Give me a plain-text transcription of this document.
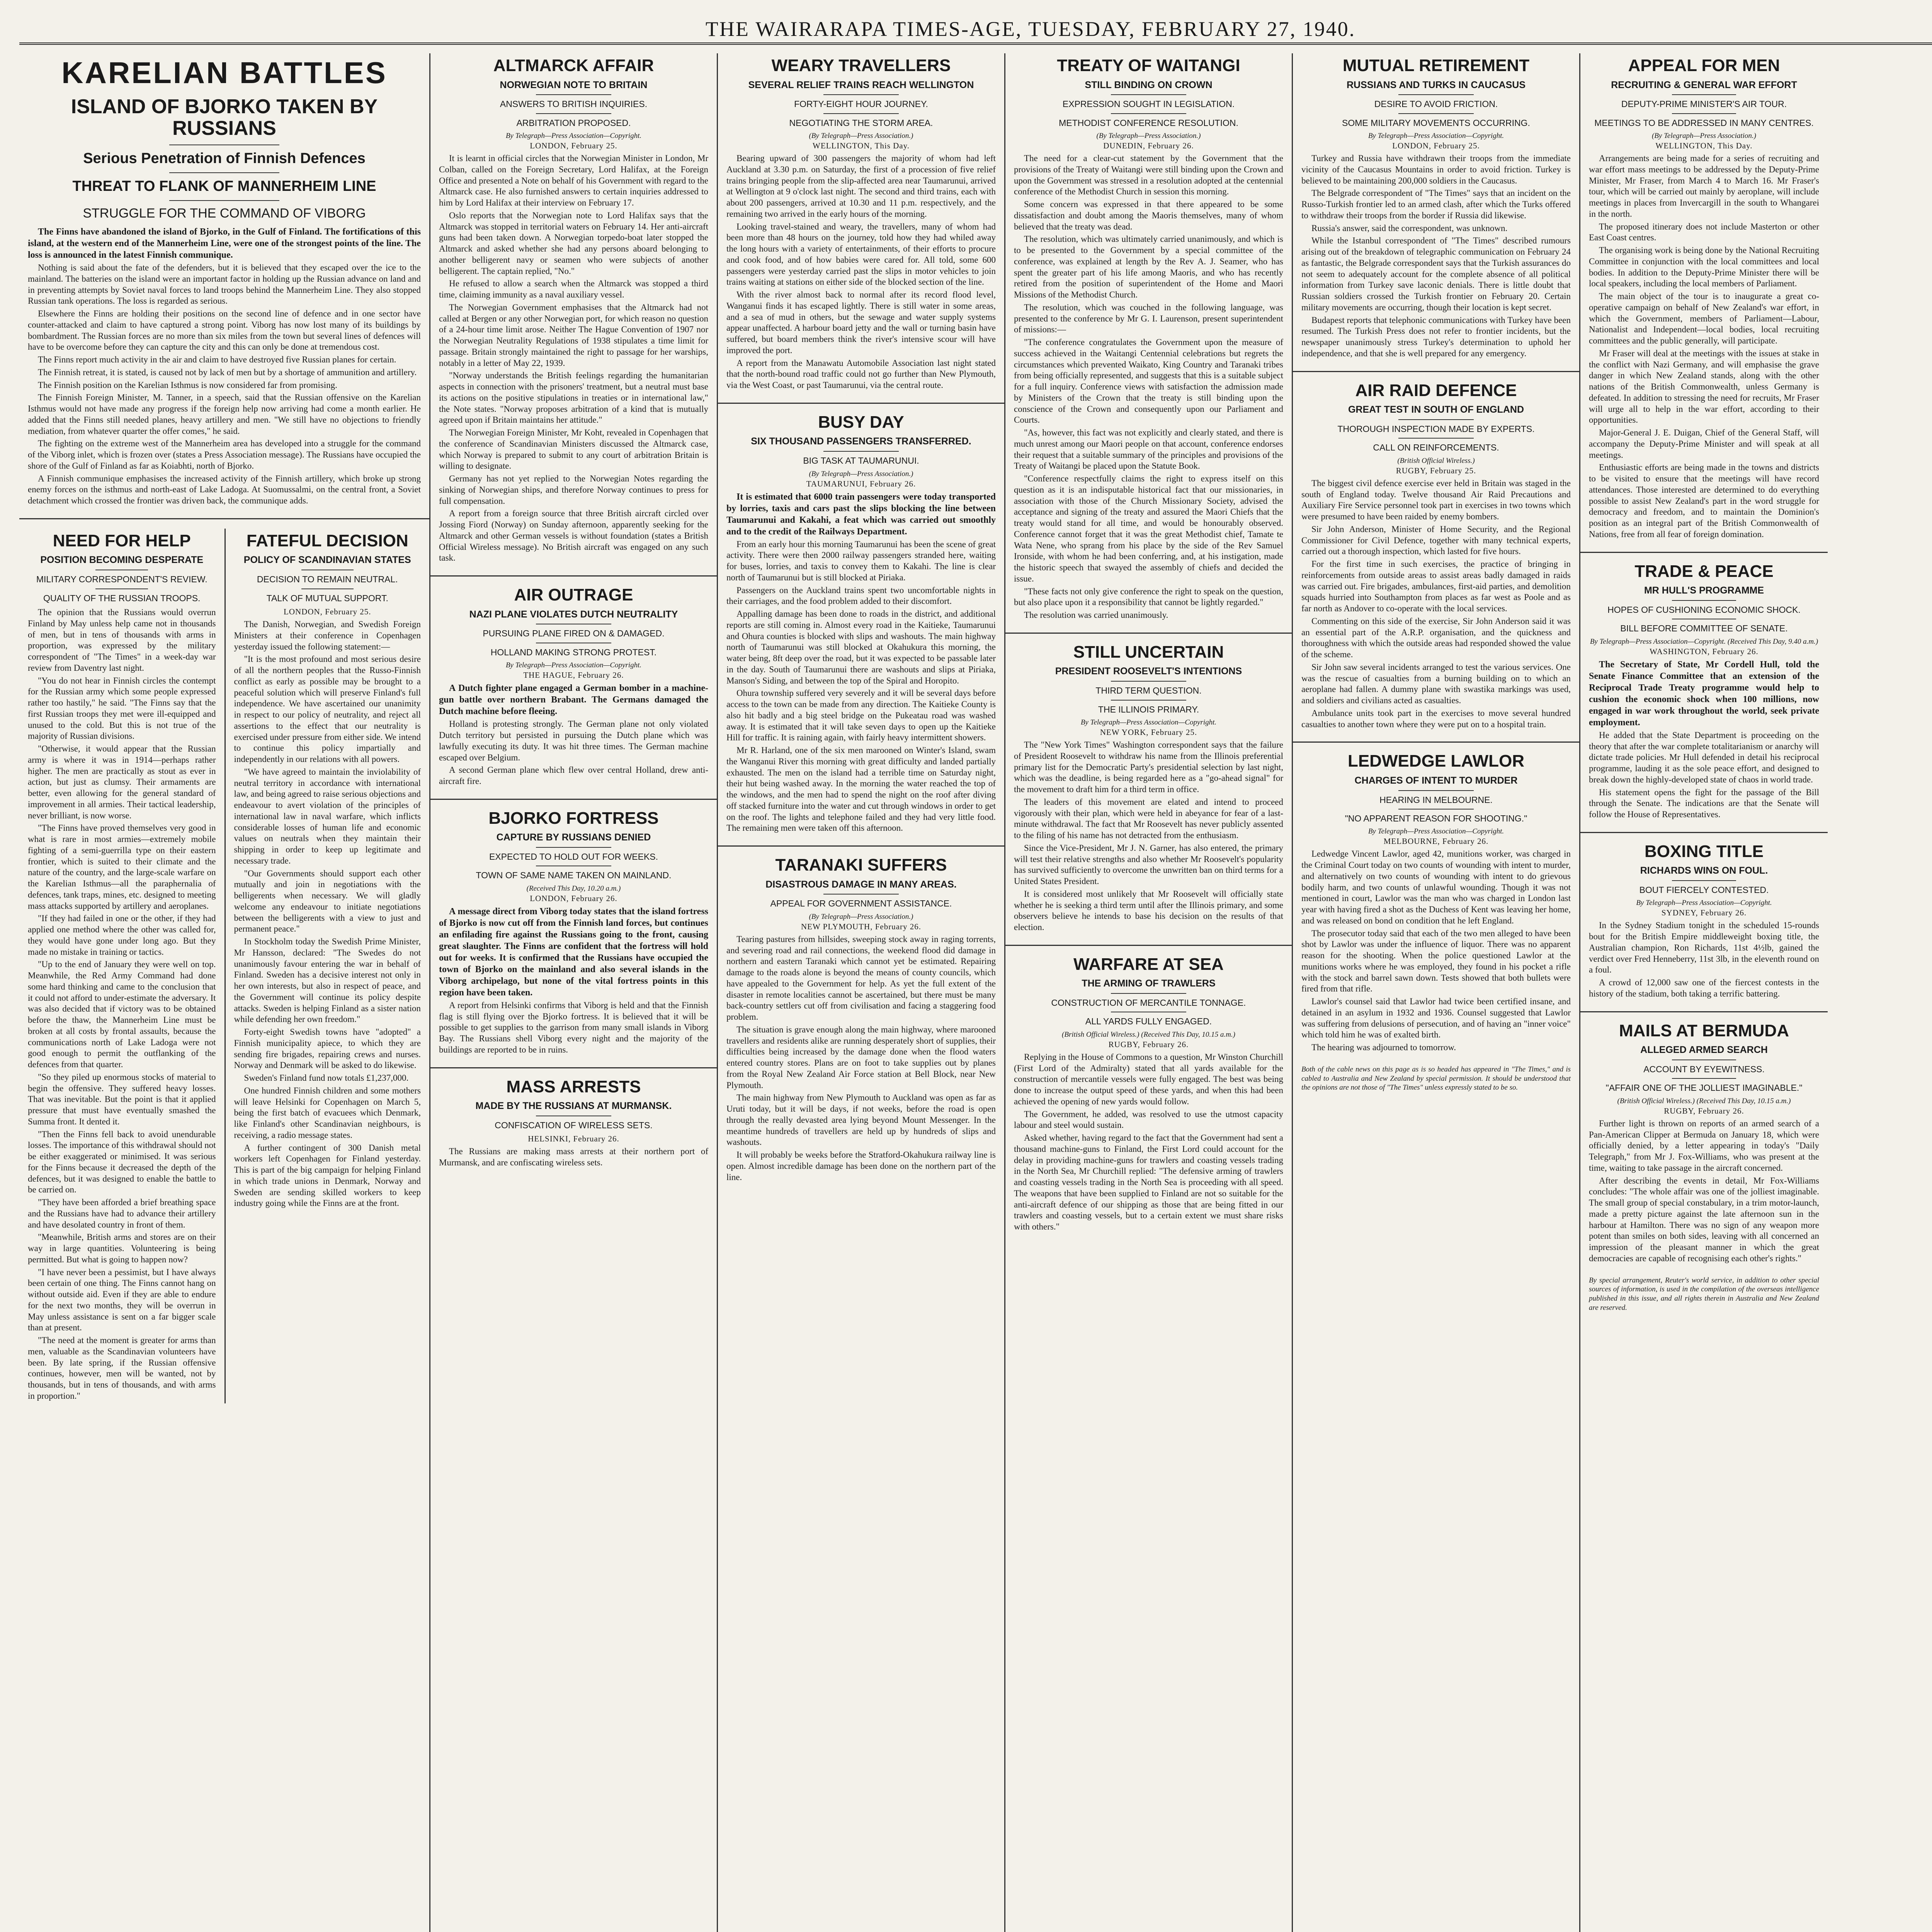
THE WAIRARAPA TIMES-AGE, TUESDAY, FEBRUARY 27, 1940.
KARELIAN BATTLES
ISLAND OF BJORKO TAKEN BY RUSSIANS
Serious Penetration of Finnish Defences
THREAT TO FLANK OF MANNERHEIM LINE
STRUGGLE FOR THE COMMAND OF VIBORG

The Finns have abandoned the island of Bjorko, in the Gulf of Finland. The fortifications of this island, at the western end of the Mannerheim Line, were one of the strongest points of the line. The loss is announced in the latest Finnish communique.

Nothing is said about the fate of the defenders, but it is believed that they escaped over the ice to the mainland. The batteries on the island were an important factor in holding up the Russian advance on land and in preventing attempts by Soviet naval forces to land troops behind the Mannerheim Line. They also stopped Russian tank operations. The loss is regarded as serious.

Elsewhere the Finns are holding their positions on the second line of defence and in one sector have counter-attacked and claim to have captured a strong point. Viborg has now lost many of its buildings by bombardment. The Russian forces are no more than six miles from the town but several lines of defences will have to be overcome before they can capture the city and this can only be done at tremendous cost.

The Finns report much activity in the air and claim to have destroyed five Russian planes for certain.

The Finnish retreat, it is stated, is caused not by lack of men but by a shortage of ammunition and artillery.

The Finnish position on the Karelian Isthmus is now considered far from promising.

The Finnish Foreign Minister, M. Tanner, in a speech, said that the Russian offensive on the Karelian Isthmus would not have made any progress if the foreign help now arriving had come a month earlier. He added that the Finns still needed planes, heavy artillery and men. "We still have no objections to friendly mediation, from whatever quarter the offer comes," he said.

The fighting on the extreme west of the Mannerheim area has developed into a struggle for the command of the Viborg inlet, which is frozen over (states a Press Association message). The Russians have occupied the shore of the Gulf of Finland as far as Koiabhti, north of Bjorko.

A Finnish communique emphasises the increased activity of the Finnish artillery, which broke up strong enemy forces on the isthmus and north-east of Lake Ladoga. At Suomussalmi, on the central front, a Soviet detachment which crossed the frontier was driven back, the communique adds.

NEED FOR HELP
POSITION BECOMING DESPERATE
MILITARY CORRESPONDENT'S REVIEW.
QUALITY OF THE RUSSIAN TROOPS.

The opinion that the Russians would overrun Finland by May unless help came not in thousands of men, but in tens of thousands with arms in proportion, was expressed by the military correspondent of "The Times" in a week-day war review from Daventry last night.

"You do not hear in Finnish circles the contempt for the Russian army which some people expressed rather too hastily," he said. "The Finns say that the first Russian troops they met were ill-equipped and unused to the cold. But this is not true of the majority of Russian divisions.

"Otherwise, it would appear that the Russian army is where it was in 1914—perhaps rather higher. The men are practically as stout as ever in action, but just as clumsy. Their armaments are better, even allowing for the general standard of improvement in all armies. Their tactical leadership, never brilliant, is now worse.

"The Finns have proved themselves very good in what is rare in most armies—extremely mobile fighting of a semi-guerrilla type on their eastern frontier, which is suited to their climate and the nature of the country, and the large-scale warfare on the Karelian Isthmus—all the paraphernalia of defences, tank traps, mines, etc. designed to meeting mass attacks supported by artillery and aeroplanes.

"If they had failed in one or the other, if they had applied one method where the other was called for, they would have gone under long ago. But they made no mistake in training or tactics.

"Up to the end of January they were well on top. Meanwhile, the Red Army Command had done some hard thinking and came to the conclusion that it could not afford to under-estimate the adversary. It was also decided that if victory was to be obtained before the thaw, the Mannerheim Line must be broken at all costs by frontal assaults, because the communications north of Lake Ladoga were not good enough to permit the outflanking of the defences from that quarter.

"So they piled up enormous stocks of material to begin the offensive. They suffered heavy losses. That was inevitable. But the point is that it applied pressure that must have eventually smashed the Summa front. It dented it.

"Then the Finns fell back to avoid unendurable losses. The importance of this withdrawal should not be either exaggerated or minimised. It was serious for the Finns because it decreased the depth of the defences, but it was designed to enable the battle to be carried on.

"They have been afforded a brief breathing space and the Russians have had to advance their artillery and have desolated country in front of them.

"Meanwhile, British arms and stores are on their way in large quantities. Volunteering is being permitted. But what is going to happen now?

"I have never been a pessimist, but I have always been certain of one thing. The Finns cannot hang on without outside aid. Even if they are able to endure for the next two months, they will be overrun in May unless assistance is sent on a far bigger scale than at present.

"The need at the moment is greater for arms than men, valuable as the Scandinavian volunteers have been. By late spring, if the Russian offensive continues, however, men will be wanted, not by thousands, but in tens of thousands, and with arms in proportion."

FATEFUL DECISION
POLICY OF SCANDINAVIAN STATES
DECISION TO REMAIN NEUTRAL.
TALK OF MUTUAL SUPPORT.
LONDON, February 25.

The Danish, Norwegian, and Swedish Foreign Ministers at their conference in Copenhagen yesterday issued the following statement:—

"It is the most profound and most serious desire of all the northern peoples that the Russo-Finnish conflict as early as possible may be brought to a peaceful solution which will preserve Finland's full independence. We have ascertained our unanimity in respect to our policy of neutrality, and reject all assertions to the effect that our neutrality is exercised under pressure from either side. We intend to continue this policy impartially and independently in our relations with all powers.

"We have agreed to maintain the inviolability of neutral territory in accordance with international law, and being agreed to raise serious objections and endeavour to avert violation of the principles of international law in naval warfare, which inflicts considerable losses of human life and economic values on neutrals when they maintain their shipping in order to keep up legitimate and necessary trade.

"Our Governments should support each other mutually and join in negotiations with the belligerents when necessary. We will gladly welcome any endeavour to initiate negotiations between the belligerents with a view to just and permanent peace."

In Stockholm today the Swedish Prime Minister, Mr Hansson, declared: "The Swedes do not unanimously favour entering the war in behalf of Finland. Sweden has a decisive interest not only in her own interests, but also in respect of peace, and the Government will continue its policy despite attacks. Sweden is helping Finland as a sister nation while defending her own freedom."

Forty-eight Swedish towns have "adopted" a Finnish municipality apiece, to which they are sending fire brigades, repairing crews and nurses. Norway and Denmark will be asked to do likewise.

Sweden's Finland fund now totals £1,237,000.

One hundred Finnish children and some mothers will leave Helsinki for Copenhagen on March 5, being the first batch of evacuees which Denmark, like Finland's other Scandinavian neighbours, is receiving, a radio message states.

A further contingent of 300 Danish metal workers left Copenhagen for Finland yesterday. This is part of the big campaign for helping Finland in which trade unions in Denmark, Norway and Sweden are sending skilled workers to keep industry going while the Finns are at the front.

ALTMARCK AFFAIR
NORWEGIAN NOTE TO BRITAIN
ANSWERS TO BRITISH INQUIRIES.
ARBITRATION PROPOSED.
By Telegraph—Press Association—Copyright.
LONDON, February 25.

It is learnt in official circles that the Norwegian Minister in London, Mr Colban, called on the Foreign Secretary, Lord Halifax, at the Foreign Office and presented a Note on behalf of his Government with regard to the Altmarck case. He also furnished answers to certain inquiries addressed to him by Lord Halifax at their interview on February 17.

Oslo reports that the Norwegian note to Lord Halifax says that the Altmarck was stopped in territorial waters on February 14. Her anti-aircraft guns had been taken down. A Norwegian torpedo-boat later stopped the Altmarck and asked whether she had any persons aboard belonging to another belligerent navy or seamen who were subjects of another belligerent. The captain replied, "No."

He refused to allow a search when the Altmarck was stopped a third time, claiming immunity as a naval auxiliary vessel.

The Norwegian Government emphasises that the Altmarck had not called at Bergen or any other Norwegian port, for which reason no question of a 24-hour time limit arose. Neither The Hague Convention of 1907 nor the Norwegian Neutrality Regulations of 1938 stipulates a time limit for passage. Britain strongly maintained the right to passage for her warships, notably in a letter of May 22, 1939.

"Norway understands the British feelings regarding the humanitarian aspects in connection with the prisoners' treatment, but a neutral must base its actions on the positive stipulations in treaties or in international law," the Note states. "Norway proposes arbitration of a kind that is mutually agreed upon if Britain maintains her attitude."

The Norwegian Foreign Minister, Mr Koht, revealed in Copenhagen that the conference of Scandinavian Ministers discussed the Altmarck case, which Norway is prepared to submit to any court of arbitration Britain is willing to designate.

Germany has not yet replied to the Norwegian Notes regarding the sinking of Norwegian ships, and therefore Norway continues to press for full compensation.

A report from a foreign source that three British aircraft circled over Jossing Fiord (Norway) on Sunday afternoon, apparently seeking for the Altmarck and other German vessels is without foundation (states a British Official Wireless message). No British aircraft was engaged on any such task.

AIR OUTRAGE
NAZI PLANE VIOLATES DUTCH NEUTRALITY
PURSUING PLANE FIRED ON & DAMAGED.
HOLLAND MAKING STRONG PROTEST.
By Telegraph—Press Association—Copyright.
THE HAGUE, February 26.

A Dutch fighter plane engaged a German bomber in a machine-gun battle over northern Brabant. The Germans damaged the Dutch machine before fleeing.

Holland is protesting strongly. The German plane not only violated Dutch territory but persisted in pursuing the Dutch plane which was lawfully executing its duty. It was hit three times. The German machine escaped over Belgium.

A second German plane which flew over central Holland, drew anti-aircraft fire.

BJORKO FORTRESS
CAPTURE BY RUSSIANS DENIED
EXPECTED TO HOLD OUT FOR WEEKS.
TOWN OF SAME NAME TAKEN ON MAINLAND.
(Received This Day, 10.20 a.m.)
LONDON, February 26.

A message direct from Viborg today states that the island fortress of Bjorko is now cut off from the Finnish land forces, but continues an enfilading fire against the Russians going to the front, causing great slaughter. The Finns are confident that the fortress will hold out for weeks. It is confirmed that the Russians have occupied the town of Bjorko on the mainland and also several islands in the Viborg archipelago, but none of the vital fortress points in this region have been taken.

A report from Helsinki confirms that Viborg is held and that the Finnish flag is still flying over the Bjorko fortress. It is believed that it will be possible to get supplies to the garrison from many small islands in Viborg Bay. The Russians shell Viborg every night and the majority of the buildings are reported to be in ruins.

MASS ARRESTS
MADE BY THE RUSSIANS AT MURMANSK.
CONFISCATION OF WIRELESS SETS.
HELSINKI, February 26.

The Russians are making mass arrests at their northern port of Murmansk, and are confiscating wireless sets.

WEARY TRAVELLERS
SEVERAL RELIEF TRAINS REACH WELLINGTON
FORTY-EIGHT HOUR JOURNEY.
NEGOTIATING THE STORM AREA.
(By Telegraph—Press Association.)
WELLINGTON, This Day.

Bearing upward of 300 passengers the majority of whom had left Auckland at 3.30 p.m. on Saturday, the first of a procession of five relief trains bringing people from the slip-affected area near Taumarunui, arrived at Wellington at 9 o'clock last night. The second and third trains, each with about 200 passengers, arrived at 10.30 and 11 p.m. respectively, and the remaining two arrived in the early hours of the morning.

Looking travel-stained and weary, the travellers, many of whom had been more than 48 hours on the journey, told how they had whiled away the long hours with a variety of entertainments, of their efforts to procure and cook food, and of how babies were cared for. All told, some 600 passengers were yesterday carried past the slips in motor vehicles to join trains waiting at stations on either side of the blocked section of the line.

With the river almost back to normal after its record flood level, Wanganui finds it has escaped lightly. There is still water in some areas, and a sea of mud in others, but the sewage and water supply systems appear unaffected. A harbour board jetty and the wall or turning basin have suffered, but board members think the river's intensive scour will have improved the port.

A report from the Manawatu Automobile Association last night stated that the north-bound road traffic could not go further than New Plymouth, via the West Coast, or past Taumarunui, via the central route.

BUSY DAY
SIX THOUSAND PASSENGERS TRANSFERRED.
BIG TASK AT TAUMARUNUI.
(By Telegraph—Press Association.)
TAUMARUNUI, February 26.

It is estimated that 6000 train passengers were today transported by lorries, taxis and cars past the slips blocking the line between Taumarunui and Kakahi, a feat which was carried out smoothly and to the credit of the Railways Department.

From an early hour this morning Taumarunui has been the scene of great activity. There were then 2000 railway passengers stranded here, waiting for buses, lorries, and taxis to convey them to Kakahi. The line is clear north of Taumarunui but is still blocked at Piriaka.

Passengers on the Auckland trains spent two uncomfortable nights in their carriages, and the food problem added to their discomfort.

Appalling damage has been done to roads in the district, and additional reports are still coming in. Almost every road in the Kaitieke, Taumarunui and Ohura counties is blocked with slips and washouts. The main highway north of Taumarunui was still blocked at Okahukura this morning, the water being, 8ft deep over the road, but it was expected to be passable later in the day. South of Taumarunui there are washouts and slips at Piriaka, Manson's Siding, and between the top of the Spiral and Horopito.

Ohura township suffered very severely and it will be several days before access to the town can be made from any direction. The Kaitieke County is also hit badly and a big steel bridge on the Pukeatau road was washed away. It is estimated that it will take seven days to open up the Kaitieke Hill for traffic. It is raining again, with fairly heavy intermittent showers.

Mr R. Harland, one of the six men marooned on Winter's Island, swam the Wanganui River this morning with great difficulty and landed partially exhausted. The men on the island had a terrible time on Saturday night, their hut being washed away. In the morning the water reached the top of the windows, and the men had to spend the night on the roof after diving off stacked furniture into the water and cut through windows in order to get on the roof. The lights and telephone failed and they had very little food. The remaining men were taken off this afternoon.

TARANAKI SUFFERS
DISASTROUS DAMAGE IN MANY AREAS.
APPEAL FOR GOVERNMENT ASSISTANCE.
(By Telegraph—Press Association.)
NEW PLYMOUTH, February 26.

Tearing pastures from hillsides, sweeping stock away in raging torrents, and severing road and rail connections, the weekend flood did damage in northern and eastern Taranaki which cannot yet be estimated. Repairing damage to the roads alone is beyond the means of county councils, which have appealed to the Government for help. As yet the full extent of the disaster in remote localities cannot be ascertained, but there must be many back-country settlers cut off from civilisation and facing a staggering food problem.

The situation is grave enough along the main highway, where marooned travellers and residents alike are running desperately short of supplies, their difficulties being increased by the damage done when the flood waters entered country stores. Plans are on foot to take supplies out by planes from the Royal New Zealand Air Force station at Bell Block, near New Plymouth.

The main highway from New Plymouth to Auckland was open as far as Uruti today, but it will be days, if not weeks, before the road is open through the really devasted area lying beyond Mount Messenger. In the meantime hundreds of travellers are held up by hundreds of slips and washouts.

It will probably be weeks before the Stratford-Okahukura railway line is open. Almost incredible damage has been done on the northern part of the line.

TREATY OF WAITANGI
STILL BINDING ON CROWN
EXPRESSION SOUGHT IN LEGISLATION.
METHODIST CONFERENCE RESOLUTION.
(By Telegraph—Press Association.)
DUNEDIN, February 26.

The need for a clear-cut statement by the Government that the provisions of the Treaty of Waitangi were still binding upon the Crown and upon the Government was stressed in a resolution adopted at the centennial conference of the Methodist Church in session this morning.

Some concern was expressed in that there appeared to be some dissatisfaction and doubt among the Maoris themselves, many of whom believed that the treaty was dead.

The resolution, which was ultimately carried unanimously, and which is to be presented to the Government by a special committee of the conference, was explained at length by the Rev A. J. Seamer, who has spent the greater part of his life among Maoris, and who has recently retired from the position of superintendent of the Home and Maori Missions of the Methodist Church.

The resolution, which was couched in the following language, was presented to the conference by Mr G. I. Laurenson, present superintendent of missions:—

"The conference congratulates the Government upon the measure of success achieved in the Waitangi Centennial celebrations but regrets the circumstances which prevented Waikato, King Country and Taranaki tribes from being officially represented, and suggests that this is a suitable subject for a full inquiry. Conference views with satisfaction the admission made by Ministers of the Crown that the treaty is still binding upon the conscience of the Crown and consequently upon our Parliament and Courts.

"As, however, this fact was not explicitly and clearly stated, and there is much unrest among our Maori people on that account, conference endorses their request that a suitable summary of the principles and provisions of the Treaty of Waitangi be placed upon the Statute Book.

"Conference respectfully claims the right to express itself on this question as it is an indisputable historical fact that our missionaries, in association with those of the Church Missionary Society, advised the acceptance and signing of the treaty and assured the Maori Chiefs that the treaty would stand for all time, and would be honourably observed. Conference cannot forget that it was the great Methodist chief, Tamate te Wata Nene, who sprang from his place by the side of the Rev Samuel Ironside, with whom he had been conferring, and, at his instigation, made the historic speech that swayed the assembly of chiefs and decided the issue.

"These facts not only give conference the right to speak on the question, but also place upon it a responsibility that cannot be lightly regarded."

The resolution was carried unanimously.

STILL UNCERTAIN
PRESIDENT ROOSEVELT'S INTENTIONS
THIRD TERM QUESTION.
THE ILLINOIS PRIMARY.
By Telegraph—Press Association—Copyright.
NEW YORK, February 25.

The "New York Times" Washington correspondent says that the failure of President Roosevelt to withdraw his name from the Illinois preferential primary list for the Democratic Party's presidential selection by last night, which was the deadline, is being regarded here as a "go-ahead signal" for the movement to draft him for a third term in office.

The leaders of this movement are elated and intend to proceed vigorously with their plan, which were held in abeyance for fear of a last-minute withdrawal. The fact that Mr Roosevelt has never publicly assented to the filing of his name has not detracted from the enthusiasm.

Since the Vice-President, Mr J. N. Garner, has also entered, the primary will test their relative strengths and also whether Mr Roosevelt's popularity has survived sufficiently to overcome the unwritten ban on third terms for a United States President.

It is considered most unlikely that Mr Roosevelt will officially state whether he is seeking a third term until after the Illinois primary, and some observers believe he intends to base his decision on the results of that election.

WARFARE AT SEA
THE ARMING OF TRAWLERS
CONSTRUCTION OF MERCANTILE TONNAGE.
ALL YARDS FULLY ENGAGED.
(British Official Wireless.) (Received This Day, 10.15 a.m.)
RUGBY, February 26.

Replying in the House of Commons to a question, Mr Winston Churchill (First Lord of the Admiralty) stated that all yards available for the construction of mercantile vessels were fully engaged. The best was being done to increase the output speed of these yards, and when this had been achieved the opening of new yards would follow.

The Government, he added, was resolved to use the utmost capacity labour and steel would sustain.

Asked whether, having regard to the fact that the Government had sent a thousand machine-guns to Finland, the First Lord could account for the delay in providing machine-guns for trawlers and coasting vessels trading in the North Sea, Mr Churchill replied: "The defensive arming of trawlers and coasting vessels trading in the North Sea is proceeding with all speed. The weapons that have been supplied to Finland are not so suitable for the anti-aircraft defence of our shipping as those that are being fitted in our trawlers and coasting vessels, but to a certain extent we must share risks with others."

MUTUAL RETIREMENT
RUSSIANS AND TURKS IN CAUCASUS
DESIRE TO AVOID FRICTION.
SOME MILITARY MOVEMENTS OCCURRING.
By Telegraph—Press Association—Copyright.
LONDON, February 25.

Turkey and Russia have withdrawn their troops from the immediate vicinity of the Caucasus Mountains in order to avoid friction. Turkey is believed to be maintaining 200,000 soldiers in the Caucasus.

The Belgrade correspondent of "The Times" says that an incident on the Russo-Turkish frontier led to an armed clash, after which the Turks offered to withdraw their troops from the border if Russia did likewise.

Russia's answer, said the correspondent, was unknown.

While the Istanbul correspondent of "The Times" described rumours arising out of the breakdown of telegraphic communication on February 24 as fantastic, the Belgrade correspondent says that the Turkish assurances do not seem to adequately account for the complete absence of all political information from Turkey save laconic denials. There is little doubt that Russian soldiers crossed the Turkish frontier on February 20. Certain military movements are occurring, though their location is kept secret.

Budapest reports that telephonic communications with Turkey have been resumed. The Turkish Press does not refer to frontier incidents, but the newspaper unanimously stress Turkey's determination to uphold her independence, and that she is well prepared for any emergency.

AIR RAID DEFENCE
GREAT TEST IN SOUTH OF ENGLAND
THOROUGH INSPECTION MADE BY EXPERTS.
CALL ON REINFORCEMENTS.
(British Official Wireless.)
RUGBY, February 25.

The biggest civil defence exercise ever held in Britain was staged in the south of England today. Twelve thousand Air Raid Precautions and Auxiliary Fire Service personnel took part in exercises in two towns which were presumed to have been raided by enemy bombers.

Sir John Anderson, Minister of Home Security, and the Regional Commissioner for Civil Defence, together with many technical experts, carried out a thorough inspection, which lasted for five hours.

For the first time in such exercises, the practice of bringing in reinforcements from outside areas to assist areas badly damaged in raids was carried out. Fire brigades, ambulances, first-aid parties, and demolition squads hurried into Southampton from places as far west as Poole and as far north as Andover to co-operate with the local services.

Commenting on this side of the exercise, Sir John Anderson said it was an essential part of the A.R.P. organisation, and the quickness and thoroughness with which the outside areas had responded showed the value of the scheme.

Sir John saw several incidents arranged to test the various services. One was the rescue of casualties from a burning building on to which an aeroplane had fallen. A dummy plane with swastika markings was used, and soldiers and civilians acted as casualties.

Ambulance units took part in the exercises to move several hundred casualties to another town where they were put on to a hospital train.

LEDWEDGE LAWLOR
CHARGES OF INTENT TO MURDER
HEARING IN MELBOURNE.
"NO APPARENT REASON FOR SHOOTING."
By Telegraph—Press Association—Copyright.
MELBOURNE, February 26.

Ledwedge Vincent Lawlor, aged 42, munitions worker, was charged in the Criminal Court today on two counts of wounding with intent to murder, and alternatively on two counts of wounding with intent to do grievous bodily harm, and two counts of unlawful wounding. Though it was not mentioned in court, Lawlor was the man who was charged in London last year with having fired a shot as the Duchess of Kent was leaving her home, and was released on bond on condition that he left England.

The prosecutor today said that each of the two men alleged to have been shot by Lawlor was under the influence of liquor. There was no apparent reason for the shooting. When the police questioned Lawlor at the munitions works where he was employed, they found in his pocket a rifle with the stock and barrel sawn down. Tests showed that both bullets were fired from that rifle.

Lawlor's counsel said that Lawlor had twice been certified insane, and detained in an asylum in 1932 and 1936. Counsel suggested that Lawlor was suffering from delusions of persecution, and of having an "inner voice" which told him he was of exalted birth.

The hearing was adjourned to tomorrow.

Both of the cable news on this page as is so headed has appeared in "The Times," and is cabled to Australia and New Zealand by special permission. It should be understood that the opinions are not those of "The Times" unless expressly stated to be so.
APPEAL FOR MEN
RECRUITING & GENERAL WAR EFFORT
DEPUTY-PRIME MINISTER'S AIR TOUR.
MEETINGS TO BE ADDRESSED IN MANY CENTRES.
(By Telegraph—Press Association.)
WELLINGTON, This Day.

Arrangements are being made for a series of recruiting and war effort mass meetings to be addressed by the Deputy-Prime Minister, Mr Fraser, from March 4 to March 16. Mr Fraser's tour, which will be carried out mainly by aeroplane, will include meetings in places from Invercargill in the south to Whangarei in the north.

The proposed itinerary does not include Masterton or other East Coast centres.

The organising work is being done by the National Recruiting Committee in conjunction with the local committees and local bodies. In addition to the Deputy-Prime Minister there will be local speakers, including the local members of Parliament.

The main object of the tour is to inaugurate a great co-operative campaign on behalf of New Zealand's war effort, in which the Government, members of Parliament—Labour, Nationalist and Independent—local bodies, local recruiting committees and the public generally, will participate.

Mr Fraser will deal at the meetings with the issues at stake in the conflict with Nazi Germany, and will emphasise the grave danger in which New Zealand stands, along with the other nations of the British Commonwealth, unless Germany is defeated. In addition to stressing the need for recruits, Mr Fraser will urge all to help in the war effort, according to their opportunities.

Major-General J. E. Duigan, Chief of the General Staff, will accompany the Deputy-Prime Minister and will speak at all meetings.

Enthusiastic efforts are being made in the towns and districts to be visited to ensure that the meetings will have record attendances. Those interested are determined to do everything possible to assist New Zealand's part in the word struggle for democracy and freedom, and to maintain the Dominion's position as an integral part of the British Commonwealth of Nations, free from all fear of foreign domination.

TRADE & PEACE
MR HULL'S PROGRAMME
HOPES OF CUSHIONING ECONOMIC SHOCK.
BILL BEFORE COMMITTEE OF SENATE.
By Telegraph—Press Association—Copyright. (Received This Day, 9.40 a.m.)
WASHINGTON, February 26.

The Secretary of State, Mr Cordell Hull, told the Senate Finance Committee that an extension of the Reciprocal Trade Treaty programme would help to cushion the economic shock when 100 millions, now engaged in war work throughout the world, seek private employment.

He added that the State Department is proceeding on the theory that after the war complete totalitarianism or anarchy will dictate trade policies. Mr Hull defended in detail his reciprocal programme, lauding it as the sole peace effort, and designed to break down the highly-developed state of chaos in world trade.

His statement opens the fight for the passage of the Bill through the Senate. The indications are that the Senate will follow the House of Representatives.

BOXING TITLE
RICHARDS WINS ON FOUL.
BOUT FIERCELY CONTESTED.
By Telegraph—Press Association—Copyright.
SYDNEY, February 26.

In the Sydney Stadium tonight in the scheduled 15-rounds bout for the British Empire middleweight boxing title, the Australian champion, Ron Richards, 11st 4½lb, gained the verdict over Fred Henneberry, 11st 3lb, in the eleventh round on a foul.

A crowd of 12,000 saw one of the fiercest contests in the history of the stadium, both taking a terrific battering.

MAILS AT BERMUDA
ALLEGED ARMED SEARCH
ACCOUNT BY EYEWITNESS.
"AFFAIR ONE OF THE JOLLIEST IMAGINABLE."
(British Official Wireless.) (Received This Day, 10.15 a.m.)
RUGBY, February 26.

Further light is thrown on reports of an armed search of a Pan-American Clipper at Bermuda on January 18, which were officially denied, by a letter appearing in today's "Daily Telegraph," from Mr J. Fox-Williams, who was present at the time, waiting to take passage in the aircraft concerned.

After describing the events in detail, Mr Fox-Williams concludes: "The whole affair was one of the jolliest imaginable. The small group of special constabulary, in a trim motor-launch, made a pretty picture against the late afternoon sun in the harbour at Hamilton. There was no sign of any weapon more potent than smiles on both sides, leaving with all concerned an impression of the pleasant manner in which the great democracies are capable of recognising each other's rights."

By special arrangement, Reuter's world service, in addition to other special sources of information, is used in the compilation of the overseas intelligence published in this issue, and all rights therein in Australia and New Zealand are reserved.
